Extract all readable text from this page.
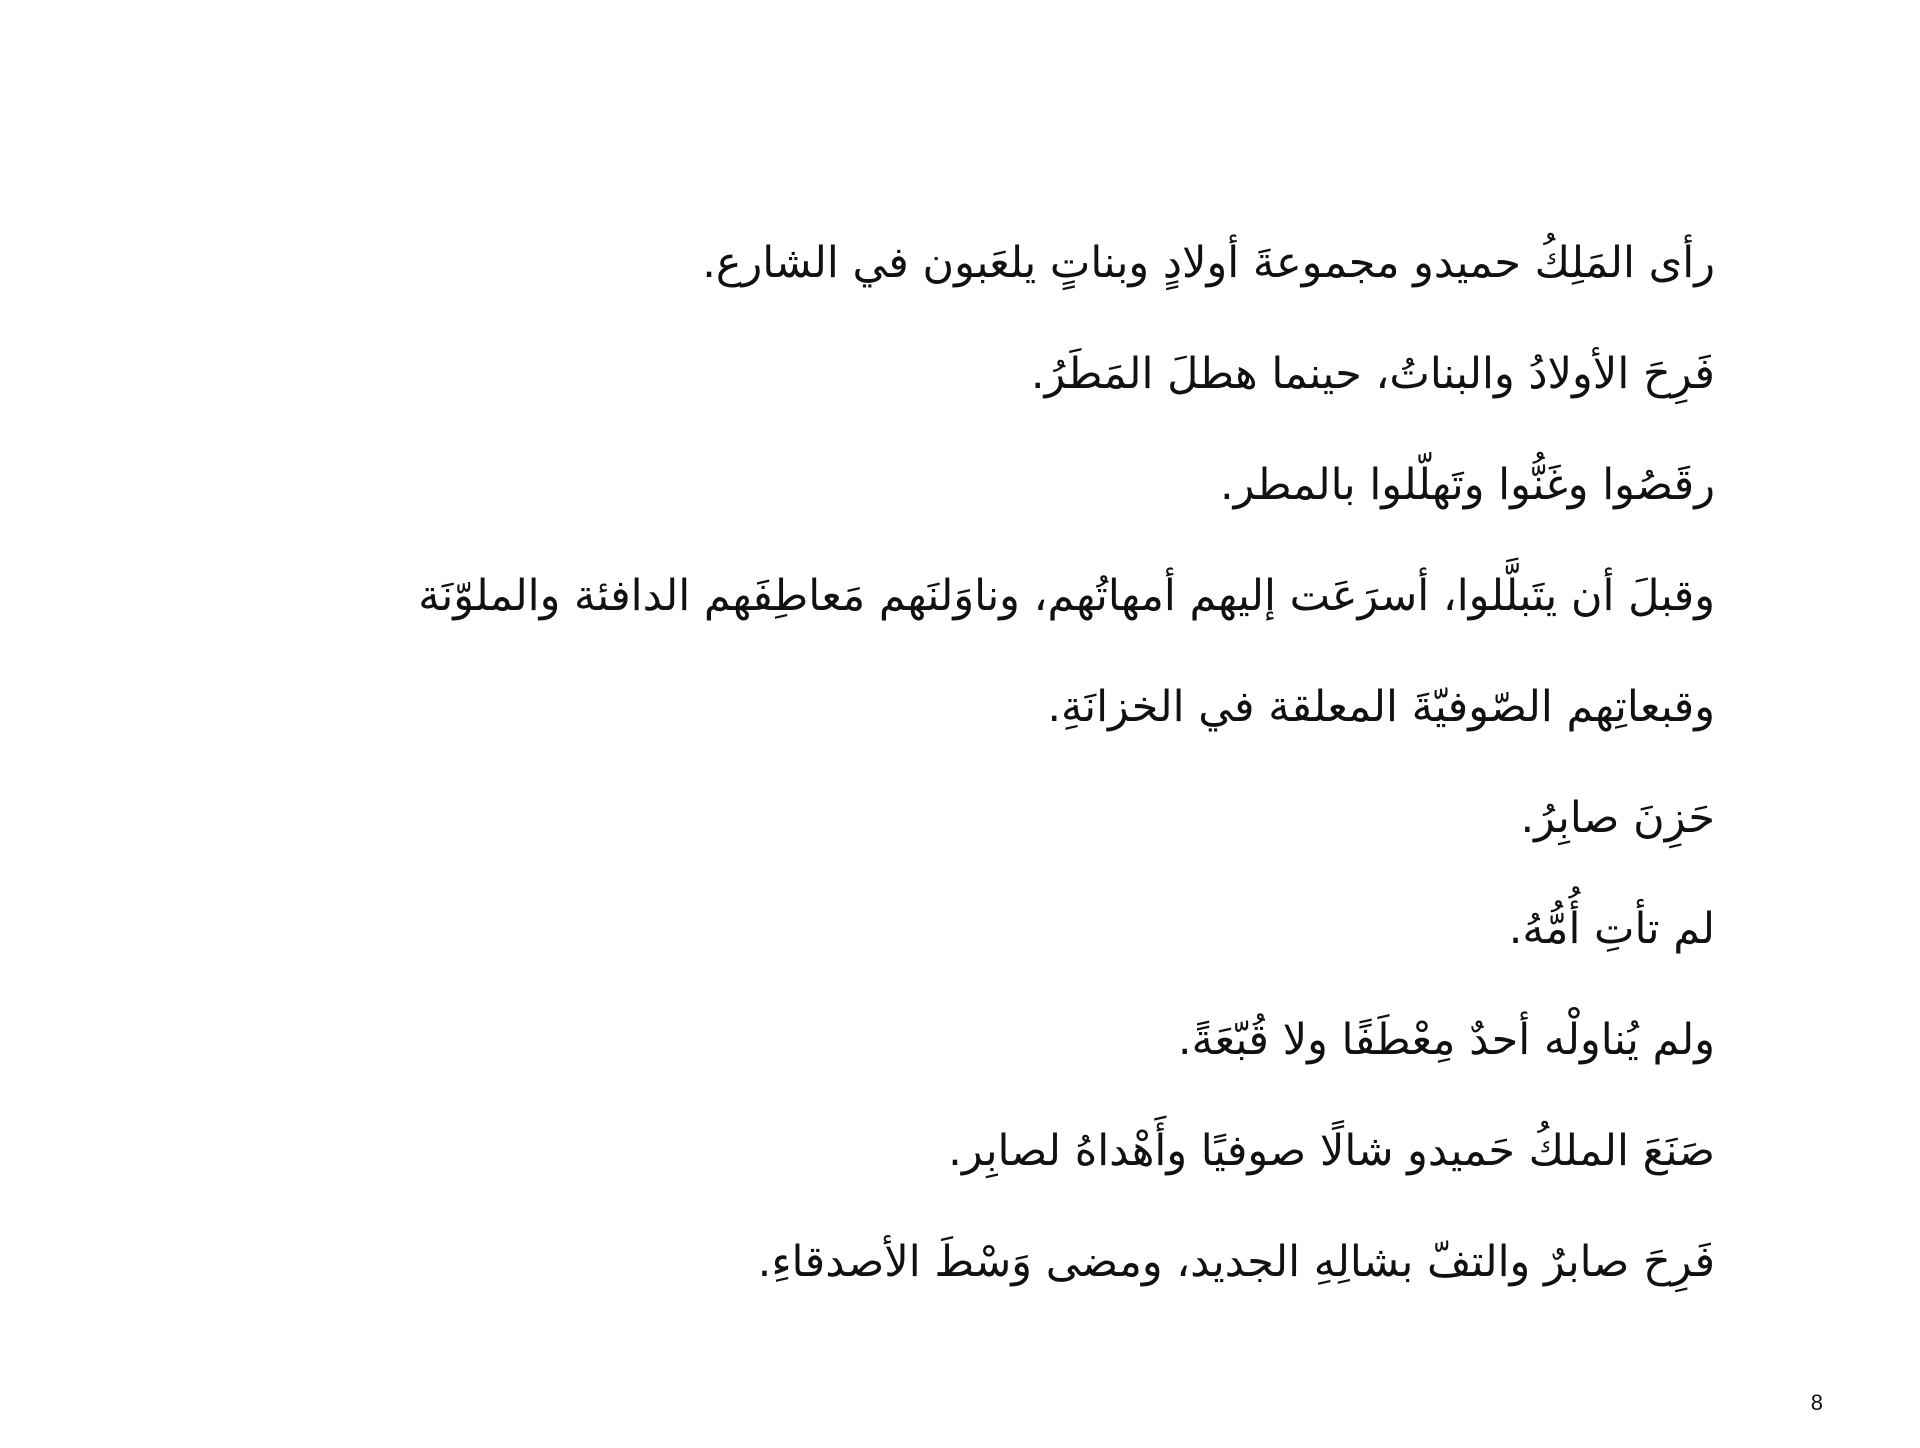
رأى المَلِكُ حميدو مجموعةَ أولادٍ وبناتٍ يلعَبون في الشارع.

فَرِحَ الأولادُ والبناتُ، حينما هطلَ المَطَرُ.

رقَصُوا وغَنُّوا وتَهلّلوا بالمطر.

وقبلَ أن يتَبلَّلوا، أسرَعَت إليهم أمهاتُهم، وناوَلنَهم مَعاطِفَهم الدافئة والملوّنَة

وقبعاتِهم الصّوفيّةَ المعلقة في الخزانَةِ.

حَزِنَ صابِرُ.

لم تأتِ أُمُّهُ.

ولم يُناولْه أحدٌ مِعْطَفًا ولا قُبّعَةً.

صَنَعَ الملكُ حَميدو شالًا صوفيًا وأَهْداهُ لصابِر.

فَرِحَ صابرٌ والتفّ بشالِهِ الجديد، ومضى وَسْطَ الأصدقاءِ.

8
